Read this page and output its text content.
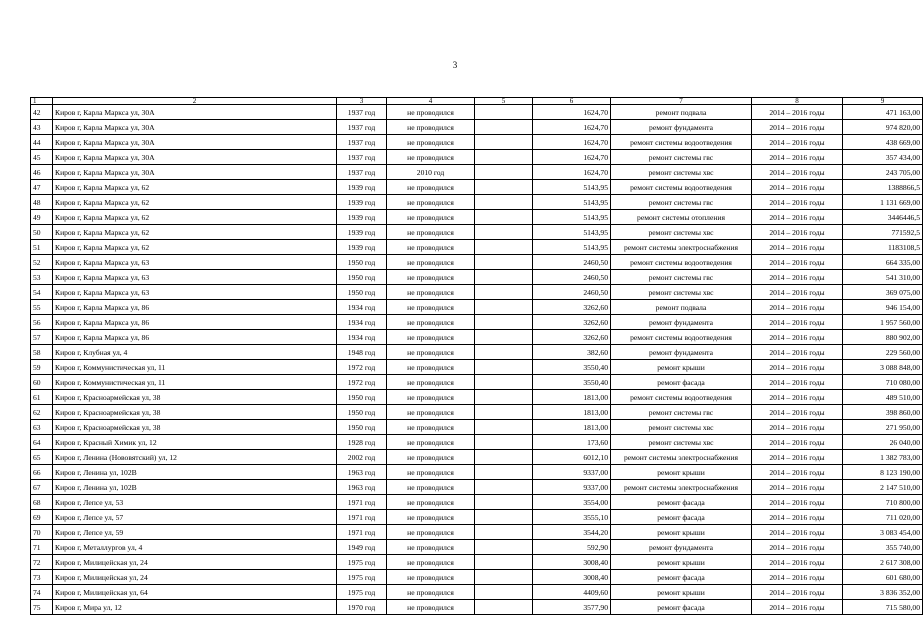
3
1	2	3	4	5	6	7	8	9
42	Киров г, Карла Маркса ул, 30А	1937 год	не проводился		1624,70	ремонт подвала	2014 – 2016 годы	471 163,00
43	Киров г, Карла Маркса ул, 30А	1937 год	не проводился		1624,70	ремонт фундамента	2014 – 2016 годы	974 820,00
44	Киров г, Карла Маркса ул, 30А	1937 год	не проводился		1624,70	ремонт системы водоотведения	2014 – 2016 годы	438 669,00
45	Киров г, Карла Маркса ул, 30А	1937 год	не проводился		1624,70	ремонт системы гвс	2014 – 2016 годы	357 434,00
46	Киров г, Карла Маркса ул, 30А	1937 год	2010 год		1624,70	ремонт системы хвс	2014 – 2016 годы	243 705,00
47	Киров г, Карла Маркса ул, 62	1939 год	не проводился		5143,95	ремонт системы водоотведения	2014 – 2016 годы	1388866,5
48	Киров г, Карла Маркса ул, 62	1939 год	не проводился		5143,95	ремонт системы гвс	2014 – 2016 годы	1 131 669,00
49	Киров г, Карла Маркса ул, 62	1939 год	не проводился		5143,95	ремонт системы отопления	2014 – 2016 годы	3446446,5
50	Киров г, Карла Маркса ул, 62	1939 год	не проводился		5143,95	ремонт системы хвс	2014 – 2016 годы	771592,5
51	Киров г, Карла Маркса ул, 62	1939 год	не проводился		5143,95	ремонт системы электроснабжения	2014 – 2016 годы	1183108,5
52	Киров г, Карла Маркса ул, 63	1950 год	не проводился		2460,50	ремонт системы водоотведения	2014 – 2016 годы	664 335,00
53	Киров г, Карла Маркса ул, 63	1950 год	не проводился		2460,50	ремонт системы гвс	2014 – 2016 годы	541 310,00
54	Киров г, Карла Маркса ул, 63	1950 год	не проводился		2460,50	ремонт системы хвс	2014 – 2016 годы	369 075,00
55	Киров г, Карла Маркса ул, 86	1934 год	не проводился		3262,60	ремонт подвала	2014 – 2016 годы	946 154,00
56	Киров г, Карла Маркса ул, 86	1934 год	не проводился		3262,60	ремонт фундамента	2014 – 2016 годы	1 957 560,00
57	Киров г, Карла Маркса ул, 86	1934 год	не проводился		3262,60	ремонт системы водоотведения	2014 – 2016 годы	880 902,00
58	Киров г, Клубная ул, 4	1948 год	не проводился		382,60	ремонт фундамента	2014 – 2016 годы	229 560,00
59	Киров г, Коммунистическая ул, 11	1972 год	не проводился		3550,40	ремонт крыши	2014 – 2016 годы	3 088 848,00
60	Киров г, Коммунистическая ул, 11	1972 год	не проводился		3550,40	ремонт фасада	2014 – 2016 годы	710 080,00
61	Киров г, Красноармейская ул, 38	1950 год	не проводился		1813,00	ремонт системы водоотведения	2014 – 2016 годы	489 510,00
62	Киров г, Красноармейская ул, 38	1950 год	не проводился		1813,00	ремонт системы гвс	2014 – 2016 годы	398 860,00
63	Киров г, Красноармейская ул, 38	1950 год	не проводился		1813,00	ремонт системы хвс	2014 – 2016 годы	271 950,00
64	Киров г, Красный Химик ул, 12	1928 год	не проводился		173,60	ремонт системы хвс	2014 – 2016 годы	26 040,00
65	Киров г, Ленина (Нововятский) ул, 12	2002 год	не проводился		6012,10	ремонт системы электроснабжения	2014 – 2016 годы	1 382 783,00
66	Киров г, Ленина ул, 102В	1963 год	не проводился		9337,00	ремонт крыши	2014 – 2016 годы	8 123 190,00
67	Киров г, Ленина ул, 102В	1963 год	не проводился		9337,00	ремонт системы электроснабжения	2014 – 2016 годы	2 147 510,00
68	Киров г, Лепсе ул, 53	1971 год	не проводился		3554,00	ремонт фасада	2014 – 2016 годы	710 800,00
69	Киров г, Лепсе ул, 57	1971 год	не проводился		3555,10	ремонт фасада	2014 – 2016 годы	711 020,00
70	Киров г, Лепсе ул, 59	1971 год	не проводился		3544,20	ремонт крыши	2014 – 2016 годы	3 083 454,00
71	Киров г, Металлургов ул, 4	1949 год	не проводился		592,90	ремонт фундамента	2014 – 2016 годы	355 740,00
72	Киров г, Милицейская ул, 24	1975 год	не проводился		3008,40	ремонт крыши	2014 – 2016 годы	2 617 308,00
73	Киров г, Милицейская ул, 24	1975 год	не проводился		3008,40	ремонт фасада	2014 – 2016 годы	601 680,00
74	Киров г, Милицейская ул, 64	1975 год	не проводился		4409,60	ремонт крыши	2014 – 2016 годы	3 836 352,00
75	Киров г, Мира ул, 12	1970 год	не проводился		3577,90	ремонт фасада	2014 – 2016 годы	715 580,00
